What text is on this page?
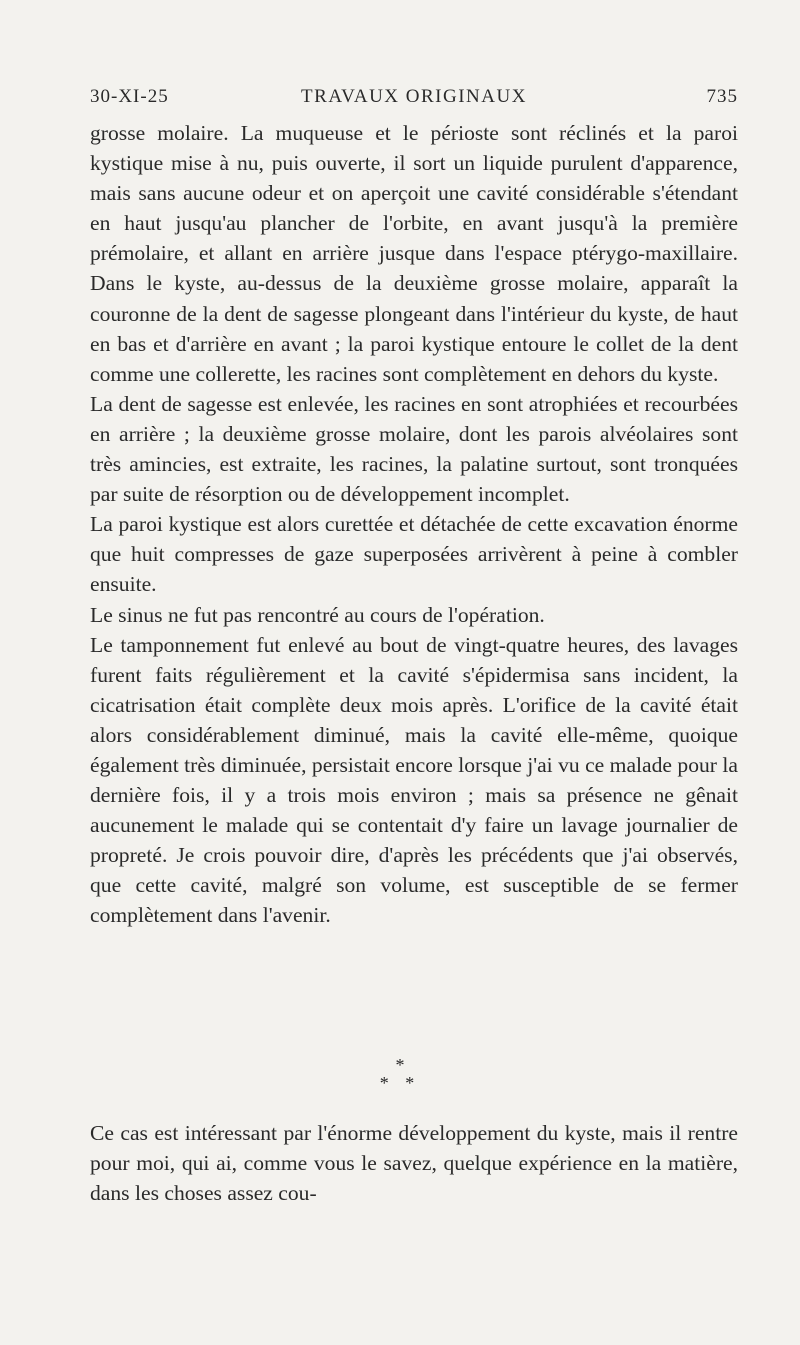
30-XI-25	TRAVAUX ORIGINAUX	735

grosse molaire. La muqueuse et le périoste sont réclinés et la paroi kystique mise à nu, puis ouverte, il sort un liquide purulent d'apparence, mais sans aucune odeur et on aperçoit une cavité considérable s'étendant en haut jusqu'au plancher de l'orbite, en avant jusqu'à la première prémolaire, et allant en arrière jusque dans l'espace ptérygo-maxillaire. Dans le kyste, au-dessus de la deuxième grosse molaire, apparaît la couronne de la dent de sagesse plongeant dans l'intérieur du kyste, de haut en bas et d'arrière en avant ; la paroi kystique entoure le collet de la dent comme une collerette, les racines sont complètement en dehors du kyste.

La dent de sagesse est enlevée, les racines en sont atrophiées et recourbées en arrière ; la deuxième grosse molaire, dont les parois alvéolaires sont très amincies, est extraite, les racines, la palatine surtout, sont tronquées par suite de résorption ou de développement incomplet.

La paroi kystique est alors curettée et détachée de cette excavation énorme que huit compresses de gaze superposées arrivèrent à peine à combler ensuite.

Le sinus ne fut pas rencontré au cours de l'opération.

Le tamponnement fut enlevé au bout de vingt-quatre heures, des lavages furent faits régulièrement et la cavité s'épidermisa sans incident, la cicatrisation était complète deux mois après. L'orifice de la cavité était alors considérablement diminué, mais la cavité elle-même, quoique également très diminuée, persistait encore lorsque j'ai vu ce malade pour la dernière fois, il y a trois mois environ ; mais sa présence ne gênait aucunement le malade qui se contentait d'y faire un lavage journalier de propreté. Je crois pouvoir dire, d'après les précédents que j'ai observés, que cette cavité, malgré son volume, est susceptible de se fermer complètement dans l'avenir.

*
* *

Ce cas est intéressant par l'énorme développement du kyste, mais il rentre pour moi, qui ai, comme vous le savez, quelque expérience en la matière, dans les choses assez cou-
